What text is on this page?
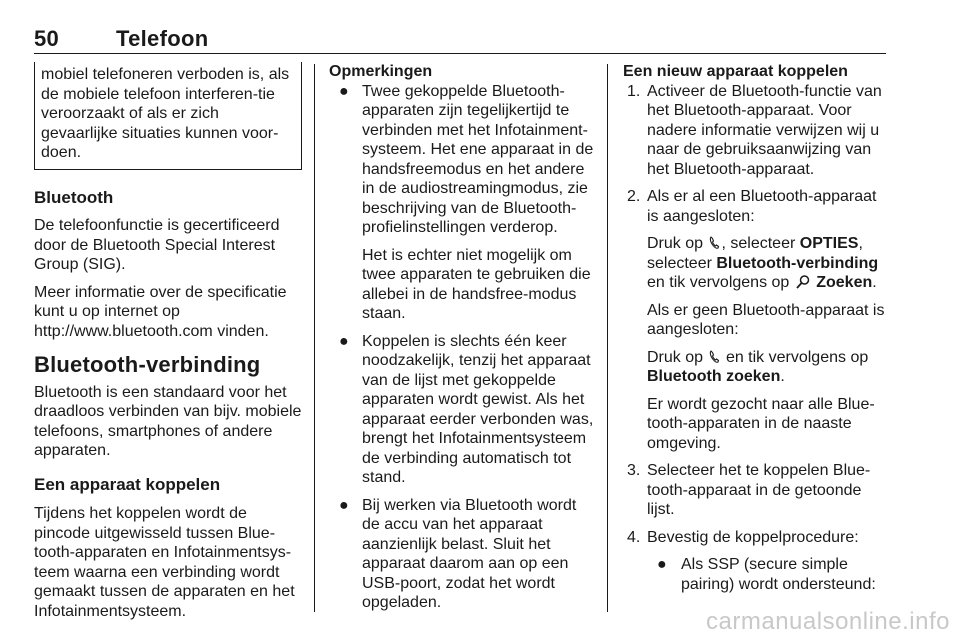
50	Telefoon

mobiel telefoneren verboden is, als de mobiele telefoon interferen-tie veroorzaakt of als er zich gevaarlijke situaties kunnen voor-doen.

Bluetooth

De telefoonfunctie is gecertificeerd door de Bluetooth Special Interest Group (SIG).

Meer informatie over de specificatie kunt u op internet op http://www.bluetooth.com vinden.

Bluetooth-verbinding

Bluetooth is een standaard voor het draadloos verbinden van bijv. mobiele telefoons, smartphones of andere apparaten.

Een apparaat koppelen

Tijdens het koppelen wordt de pincode uitgewisseld tussen Blue-tooth-apparaten en Infotainmentsys-teem waarna een verbinding wordt gemaakt tussen de apparaten en het Infotainmentsysteem.

Opmerkingen
● Twee gekoppelde Bluetooth-apparaten zijn tegelijkertijd te verbinden met het Infotainment-systeem. Het ene apparaat in de handsfreemodus en het andere in de audiostreamingmodus, zie beschrijving van de Bluetooth-profielinstellingen verderop.

Het is echter niet mogelijk om twee apparaten te gebruiken die allebei in de handsfree-modus staan.

● Koppelen is slechts één keer noodzakelijk, tenzij het apparaat van de lijst met gekoppelde apparaten wordt gewist. Als het apparaat eerder verbonden was, brengt het Infotainmentsysteem de verbinding automatisch tot stand.

● Bij werken via Bluetooth wordt de accu van het apparaat aanzienlijk belast. Sluit het apparaat daarom aan op een USB-poort, zodat het wordt opgeladen.

Een nieuw apparaat koppelen
1. Activeer de Bluetooth-functie van het Bluetooth-apparaat. Voor nadere informatie verwijzen wij u naar de gebruiksaanwijzing van het Bluetooth-apparaat.

2. Als er al een Bluetooth-apparaat is aangesloten:

Druk op , selecteer OPTIES, selecteer Bluetooth-verbinding en tik vervolgens op Zoeken.

Als er geen Bluetooth-apparaat is aangesloten:

Druk op en tik vervolgens op
Bluetooth zoeken.

Er wordt gezocht naar alle Blue-tooth-apparaten in de naaste omgeving.

3. Selecteer het te koppelen Blue-tooth-apparaat in de getoonde lijst.

4. Bevestig de koppelprocedure:

● Als SSP (secure simple pairing) wordt ondersteund:

carmanualsonline.info
